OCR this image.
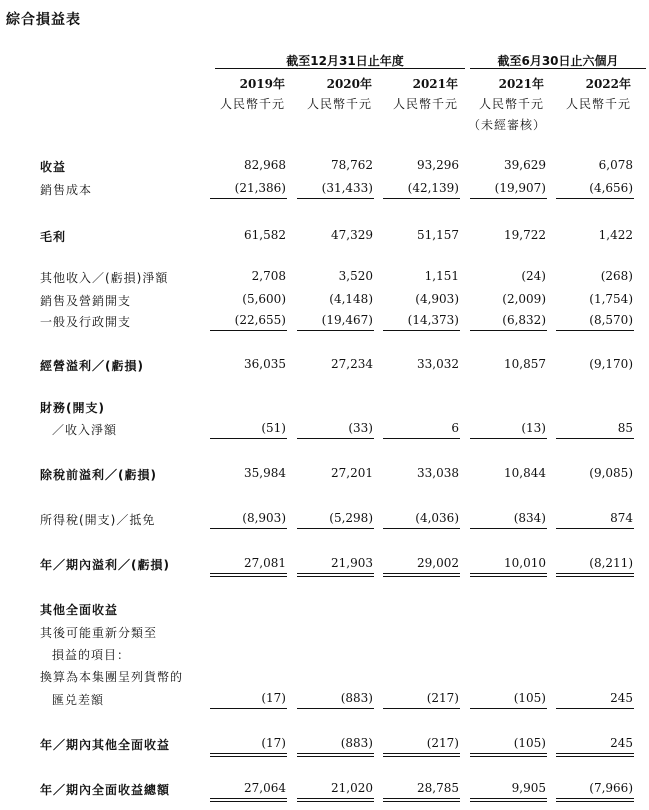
綜合損益表
截至12月31日止年度	截至6月30日止六個月
2019年	2020年	2021年	2021年	2022年
人民幣千元	人民幣千元	人民幣千元	人民幣千元	人民幣千元
（未經審核）
收益	82,968	78,762	93,296	39,629	6,078
銷售成本	(21,386)	(31,433)	(42,139)	(19,907)	(4,656)
毛利	61,582	47,329	51,157	19,722	1,422
其他收入／(虧損)淨額	2,708	3,520	1,151	(24)	(268)
銷售及營銷開支	(5,600)	(4,148)	(4,903)	(2,009)	(1,754)
一般及行政開支	(22,655)	(19,467)	(14,373)	(6,832)	(8,570)
經營溢利／(虧損)	36,035	27,234	33,032	10,857	(9,170)
財務(開支)
／收入淨額	(51)	(33)	6	(13)	85
除稅前溢利／(虧損)	35,984	27,201	33,038	10,844	(9,085)
所得稅(開支)／抵免	(8,903)	(5,298)	(4,036)	(834)	874
年／期內溢利／(虧損)	27,081	21,903	29,002	10,010	(8,211)
其他全面收益
其後可能重新分類至
損益的項目：
換算為本集團呈列貨幣的
匯兑差額	(17)	(883)	(217)	(105)	245
年／期內其他全面收益	(17)	(883)	(217)	(105)	245
年／期內全面收益總額	27,064	21,020	28,785	9,905	(7,966)
